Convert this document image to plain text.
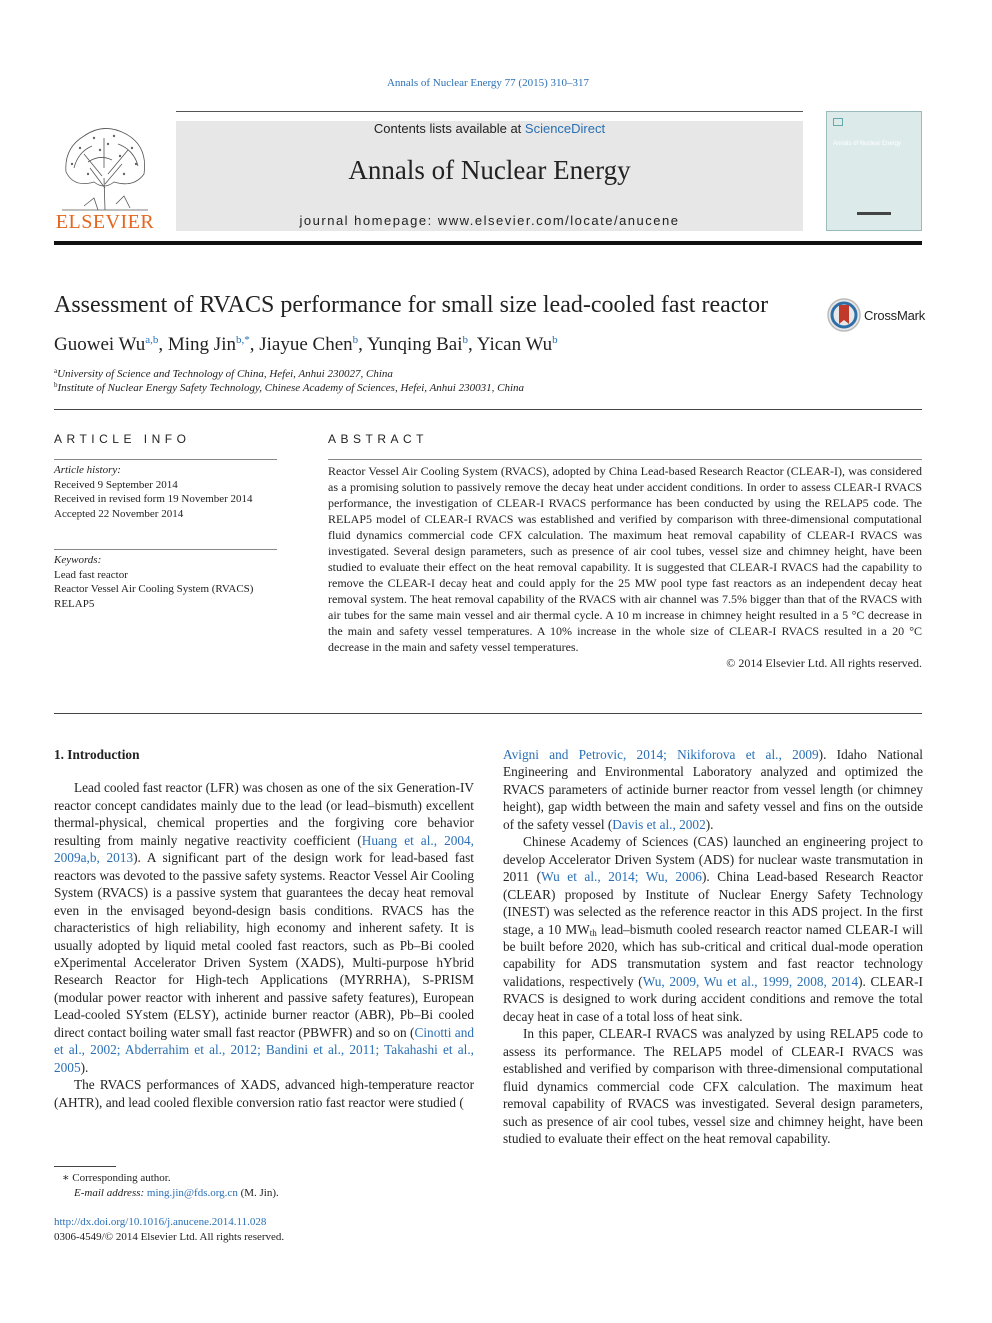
Annals of Nuclear Energy 77 (2015) 310–317
ELSEVIER
Contents lists available at ScienceDirect
Annals of Nuclear Energy
journal homepage: www.elsevier.com/locate/anucene
Annals of Nuclear Energy
Assessment of RVACS performance for small size lead-cooled fast reactor	CrossMark
Guowei Wu$^{a,b}$, Ming Jin$^{b,*}$, Jiayue Chen$^b$, Yunqing Bai$^b$, Yican Wu$^b$
$^a$University of Science and Technology of China, Hefei, Anhui 230027, China
$^b$Institute of Nuclear Energy Safety Technology, Chinese Academy of Sciences, Hefei, Anhui 230031, China
ARTICLE INFO
Article history:
Received 9 September 2014
Received in revised form 19 November 2014
Accepted 22 November 2014
Keywords:
Lead fast reactor
Reactor Vessel Air Cooling System (RVACS)
RELAP5
ABSTRACT
Reactor Vessel Air Cooling System (RVACS), adopted by China Lead-based Research Reactor (CLEAR-I), was considered as a promising solution to passively remove the decay heat under accident conditions. In order to assess CLEAR-I RVACS performance, the investigation of CLEAR-I RVACS performance has been conducted by using the RELAP5 code. The RELAP5 model of CLEAR-I RVACS was established and verified by comparison with three-dimensional computational fluid dynamics commercial code CFX calculation. The maximum heat removal capability of CLEAR-I RVACS was investigated. Several design parameters, such as presence of air cool tubes, vessel size and chimney height, have been studied to evaluate their effect on the heat removal capability. It is suggested that CLEAR-I RVACS had the capability to remove the CLEAR-I decay heat and could apply for the 25 MW pool type fast reactors as an independent decay heat removal system. The heat removal capability of the RVACS with air channel was 7.5% bigger than that of the RVACS with air tubes for the same main vessel and air thermal cycle. A 10 m increase in chimney height resulted in a 5 °C decrease in the main and safety vessel temperatures. A 10% increase in the whole size of CLEAR-I RVACS resulted in a 20 °C decrease in the main and safety vessel temperatures.
© 2014 Elsevier Ltd. All rights reserved.
1. Introduction

Lead cooled fast reactor (LFR) was chosen as one of the six Generation-IV reactor concept candidates mainly due to the lead (or lead–bismuth) excellent thermal-physical, chemical properties and the forgiving core behavior resulting from mainly negative reactivity coefficient (Huang et al., 2004, 2009a,b, 2013). A significant part of the design work for lead-based fast reactors was devoted to the passive safety systems. Reactor Vessel Air Cooling System (RVACS) is a passive system that guarantees the decay heat removal even in the envisaged beyond-design basis conditions. RVACS has the characteristics of high reliability, high economy and inherent safety. It is usually adopted by liquid metal cooled fast reactors, such as Pb–Bi cooled eXperimental Accelerator Driven System (XADS), Multi-purpose hYbrid Research Reactor for High-tech Applications (MYRRHA), S-PRISM (modular power reactor with inherent and passive safety features), European Lead-cooled SYstem (ELSY), actinide burner reactor (ABR), Pb–Bi cooled direct contact boiling water small fast reactor (PBWFR) and so on (Cinotti and et al., 2002; Abderrahim et al., 2012; Bandini et al., 2011; Takahashi et al., 2005).

The RVACS performances of XADS, advanced high-temperature reactor (AHTR), and lead cooled flexible conversion ratio fast reactor were studied (

Avigni and Petrovic, 2014; Nikiforova et al., 2009). Idaho National Engineering and Environmental Laboratory analyzed and optimized the RVACS parameters of actinide burner reactor from vessel length (or chimney height), gap width between the main and safety vessel and fins on the outside of the safety vessel (Davis et al., 2002).

Chinese Academy of Sciences (CAS) launched an engineering project to develop Accelerator Driven System (ADS) for nuclear waste transmutation in 2011 (Wu et al., 2014; Wu, 2006). China Lead-based Research Reactor (CLEAR) proposed by Institute of Nuclear Energy Safety Technology (INEST) was selected as the reference reactor in this ADS project. In the first stage, a 10 $MW_{th}$ lead–bismuth cooled research reactor named CLEAR-I will be built before 2020, which has sub-critical and critical dual-mode operation capability for ADS transmutation system and fast reactor technology validations, respectively (Wu, 2009, Wu et al., 1999, 2008, 2014). CLEAR-I RVACS is designed to work during accident conditions and remove the total decay heat in case of a total loss of heat sink.

In this paper, CLEAR-I RVACS was analyzed by using RELAP5 code to assess its performance. The RELAP5 model of CLEAR-I RVACS was established and verified by comparison with three-dimensional computational fluid dynamics commercial code CFX calculation. The maximum heat removal capability of RVACS was investigated. Several design parameters, such as presence of air cool tubes, vessel size and chimney height, have been studied to evaluate their effect on the heat removal capability.

∗ Corresponding author.
E-mail address: ming.jin@fds.org.cn (M. Jin).
http://dx.doi.org/10.1016/j.anucene.2014.11.028
0306-4549/© 2014 Elsevier Ltd. All rights reserved.
